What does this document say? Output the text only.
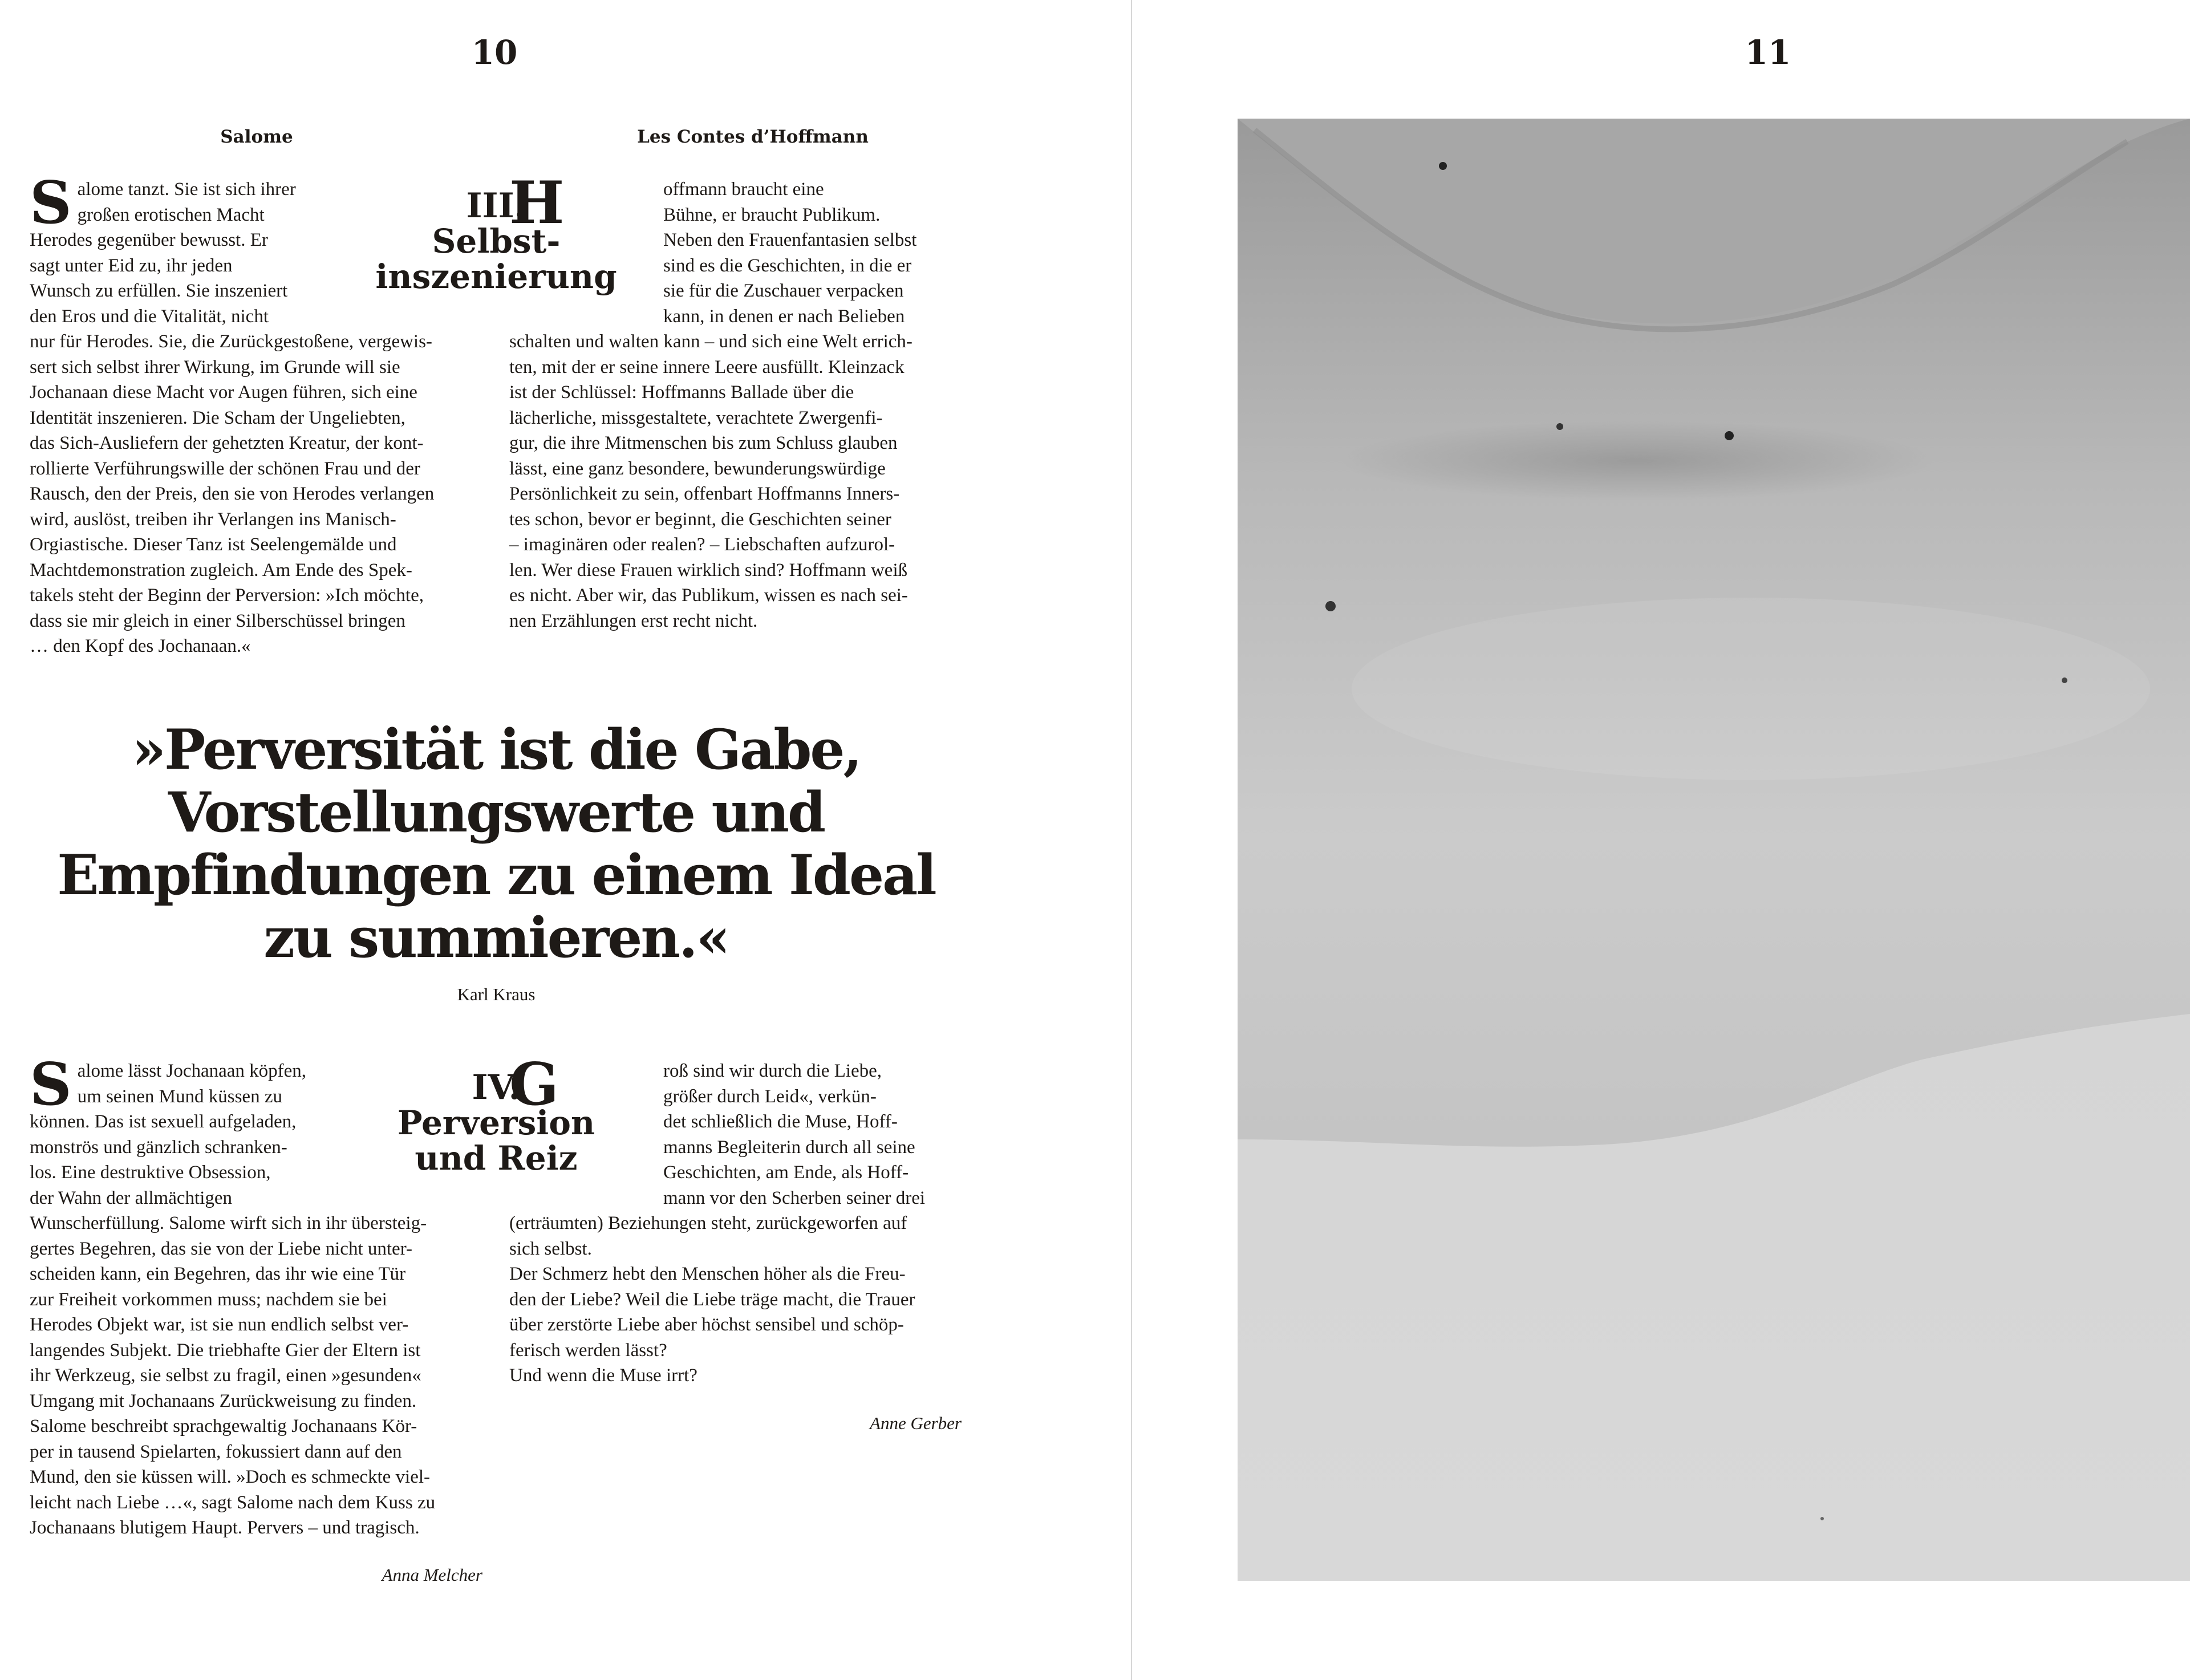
10	11
Salome	Les Contes d’Hoffmann
III.
Selbst-
inszenierung
S alome tanzt. Sie ist sich ihrer
großen erotischen Macht
Herodes gegenüber bewusst. Er
sagt unter Eid zu, ihr jeden
Wunsch zu erfüllen. Sie inszeniert
den Eros und die Vitalität, nicht
nur für Herodes. Sie, die Zurückgestoßene, vergewis-
sert sich selbst ihrer Wirkung, im Grunde will sie
Jochanaan diese Macht vor Augen führen, sich eine
Identität inszenieren. Die Scham der Ungeliebten,
das Sich-Ausliefern der gehetzten Kreatur, der kont-
rollierte Verführungswille der schönen Frau und der
Rausch, den der Preis, den sie von Herodes verlangen
wird, auslöst, treiben ihr Verlangen ins Manisch-
Orgiastische. Dieser Tanz ist Seelengemälde und
Machtdemonstration zugleich. Am Ende des Spek-
takels steht der Beginn der Perversion: »Ich möchte,
dass sie mir gleich in einer Silberschüssel bringen
… den Kopf des Jochanaan.«
H	offmann braucht eine
Bühne, er braucht Publikum.
Neben den Frauenfantasien selbst
sind es die Geschichten, in die er
sie für die Zuschauer verpacken
kann, in denen er nach Belieben
schalten und walten kann – und sich eine Welt errich-
ten, mit der er seine innere Leere ausfüllt. Kleinzack
ist der Schlüssel: Hoffmanns Ballade über die
lächerliche, missgestaltete, verachtete Zwergenfi-
gur, die ihre Mitmenschen bis zum Schluss glauben
lässt, eine ganz besondere, bewunderungswürdige
Persönlichkeit zu sein, offenbart Hoffmanns Inners-
tes schon, bevor er beginnt, die Geschichten seiner
– imaginären oder realen? – Liebschaften aufzurol-
len. Wer diese Frauen wirklich sind? Hoffmann weiß
es nicht. Aber wir, das Publikum, wissen es nach sei-
nen Erzählungen erst recht nicht.
»Perversität ist die Gabe,
Vorstellungswerte und
Empfindungen zu einem Ideal
zu summieren.«
Karl Kraus
IV.
Perversion
und Reiz
S alome lässt Jochanaan köpfen,
um seinen Mund küssen zu
können. Das ist sexuell aufgeladen,
monströs und gänzlich schranken-
los. Eine destruktive Obsession,
der Wahn der allmächtigen
Wunscherfüllung. Salome wirft sich in ihr übersteig-
gertes Begehren, das sie von der Liebe nicht unter-
scheiden kann, ein Begehren, das ihr wie eine Tür
zur Freiheit vorkommen muss; nachdem sie bei
Herodes Objekt war, ist sie nun endlich selbst ver-
langendes Subjekt. Die triebhafte Gier der Eltern ist
ihr Werkzeug, sie selbst zu fragil, einen »gesunden«
Umgang mit Jochanaans Zurückweisung zu finden.
Salome beschreibt sprachgewaltig Jochanaans Kör-
per in tausend Spielarten, fokussiert dann auf den
Mund, den sie küssen will. »Doch es schmeckte viel-
leicht nach Liebe …«, sagt Salome nach dem Kuss zu
Jochanaans blutigem Haupt. Pervers – und tragisch.
Anna Melcher
G	roß sind wir durch die Liebe,
größer durch Leid«, verkün-
det schließlich die Muse, Hoff-
manns Begleiterin durch all seine
Geschichten, am Ende, als Hoff-
mann vor den Scherben seiner drei
(erträumten) Beziehungen steht, zurückgeworfen auf
sich selbst.
Der Schmerz hebt den Menschen höher als die Freu-
den der Liebe? Weil die Liebe träge macht, die Trauer
über zerstörte Liebe aber höchst sensibel und schöp-
ferisch werden lässt?
Und wenn die Muse irrt?
Anne Gerber
